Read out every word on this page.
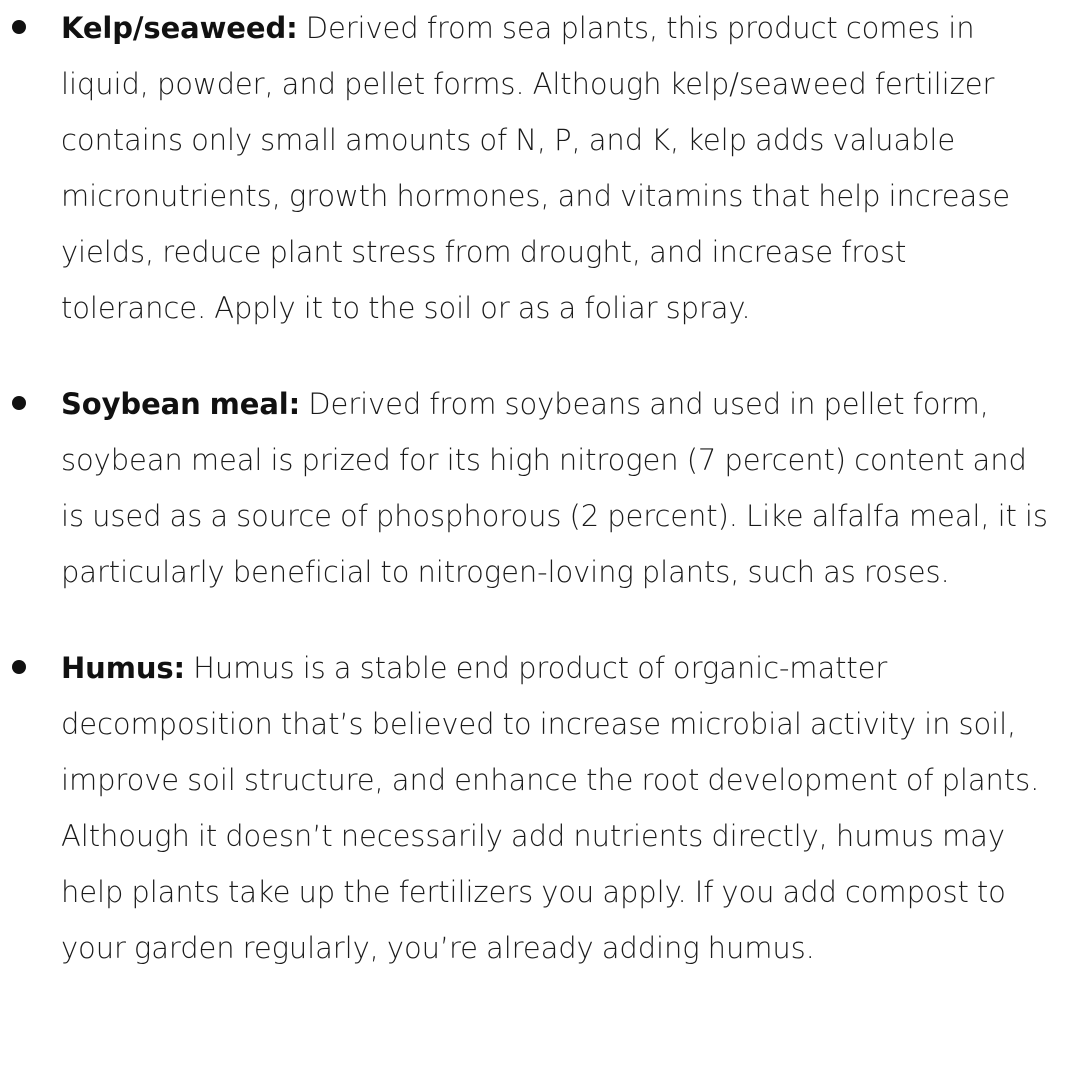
Kelp/seaweed: Derived from sea plants, this product comes in liquid, powder, and pellet forms. Although kelp/seaweed fertilizer contains only small amounts of N, P, and K, kelp adds valuable micronutrients, growth hormones, and vitamins that help increase yields, reduce plant stress from drought, and increase frost tolerance. Apply it to the soil or as a foliar spray.
Soybean meal: Derived from soybeans and used in pellet form, soybean meal is prized for its high nitrogen (7 percent) content and is used as a source of phosphorous (2 percent). Like alfalfa meal, it is particularly beneficial to nitrogen-loving plants, such as roses.
Humus: Humus is a stable end product of organic-matter decomposition that’s believed to increase microbial activity in soil, improve soil structure, and enhance the root development of plants. Although it doesn’t necessarily add nutrients directly, humus may help plants take up the fertilizers you apply. If you add compost to your garden regularly, you’re already adding humus.
